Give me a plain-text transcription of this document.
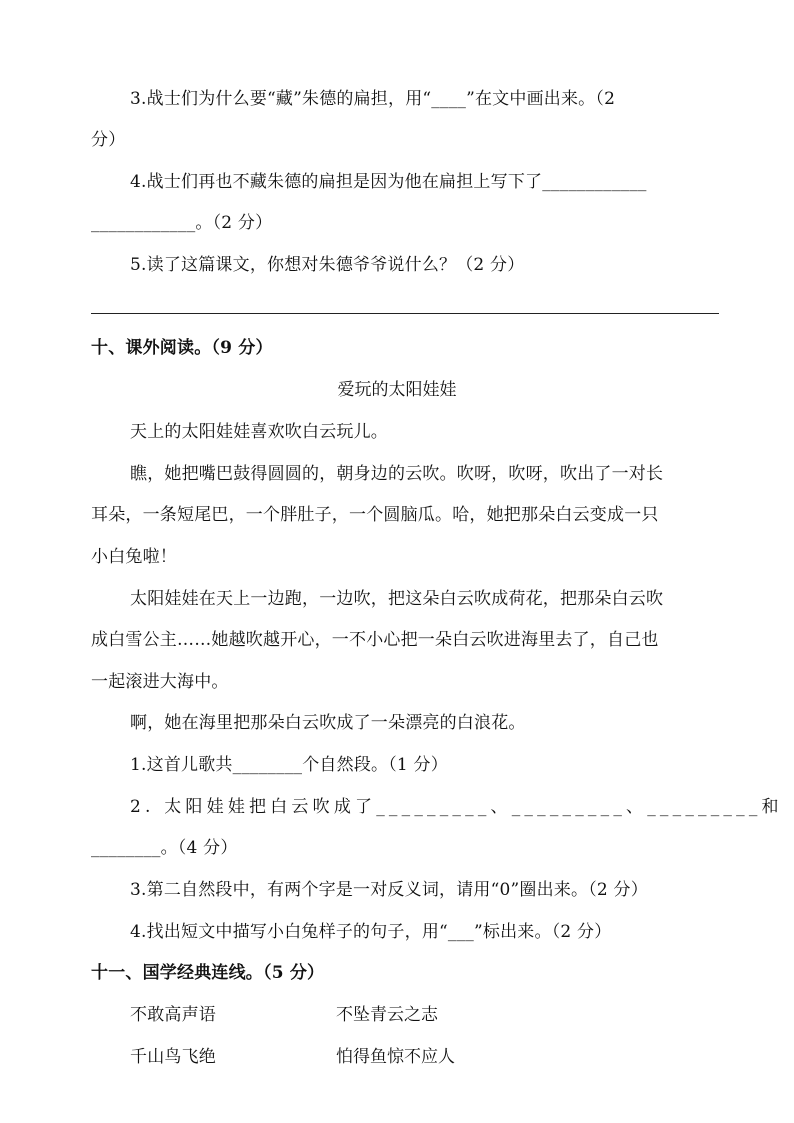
3.战士们为什么要“藏”朱德的扁担，用“____”在文中画出来。（2
分）
4.战士们再也不藏朱德的扁担是因为他在扁担上写下了____________
____________。（2 分）
5.读了这篇课文，你想对朱德爷爷说什么？（2 分）
十、课外阅读。（9 分）
爱玩的太阳娃娃
天上的太阳娃娃喜欢吹白云玩儿。
瞧，她把嘴巴鼓得圆圆的，朝身边的云吹。吹呀，吹呀，吹出了一对长
耳朵，一条短尾巴，一个胖肚子，一个圆脑瓜。哈，她把那朵白云变成一只
小白兔啦！
太阳娃娃在天上一边跑，一边吹，把这朵白云吹成荷花，把那朵白云吹
成白雪公主……她越吹越开心，一不小心把一朵白云吹进海里去了，自己也
一起滚进大海中。
啊，她在海里把那朵白云吹成了一朵漂亮的白浪花。
1.这首儿歌共________个自然段。（1 分）
2. 太阳娃娃把白云吹成了_________、_________、_________和
________。（4 分）
3.第二自然段中，有两个字是一对反义词，请用“0”圈出来。（2 分）
4.找出短文中描写小白兔样子的句子，用“___”标出来。（2 分）
十一、国学经典连线。（5 分）
不敢高声语	不坠青云之志
千山鸟飞绝	怕得鱼惊不应人
